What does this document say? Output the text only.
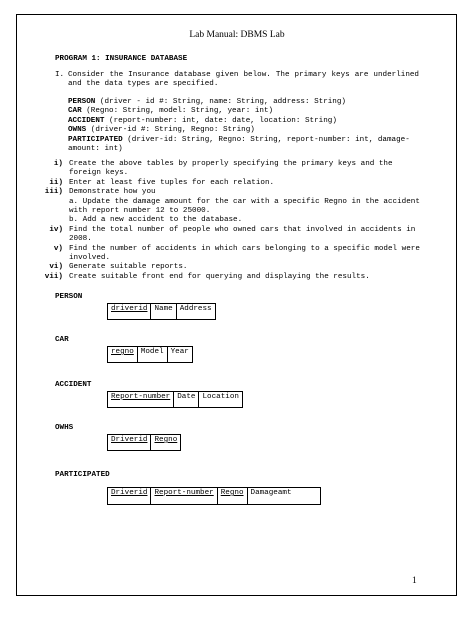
Lab Manual: DBMS Lab
PROGRAM 1: INSURANCE DATABASE
I. Consider the Insurance database given below. The primary keys are underlined and the data types are specified.
PERSON (driver - id #: String, name: String, address: String)
CAR (Regno: String, model: String, year: int)
ACCIDENT (report-number: int, date: date, location: String)
OWNS (driver-id #: String, Regno: String)
PARTICIPATED (driver-id: String, Regno: String, report-number: int, damage-amount: int)
i) Create the above tables by properly specifying the primary keys and the foreign keys.
ii) Enter at least five tuples for each relation.
iii) Demonstrate how you
a. Update the damage amount for the car with a specific Regno in the accident with report number 12 to 25000.
b. Add a new accident to the database.
iv) Find the total number of people who owned cars that involved in accidents in 2008.
v) Find the number of accidents in which cars belonging to a specific model were involved.
vi) Generate suitable reports.
vii) Create suitable front end for querying and displaying the results.
PERSON
driverid	Name	Address
CAR
regno	Model	Year
ACCIDENT
Report-number	Date	Location
OWHS
Driverid	Regno
PARTICIPATED
Driverid	Report-number	Regno	Damageamt
1
